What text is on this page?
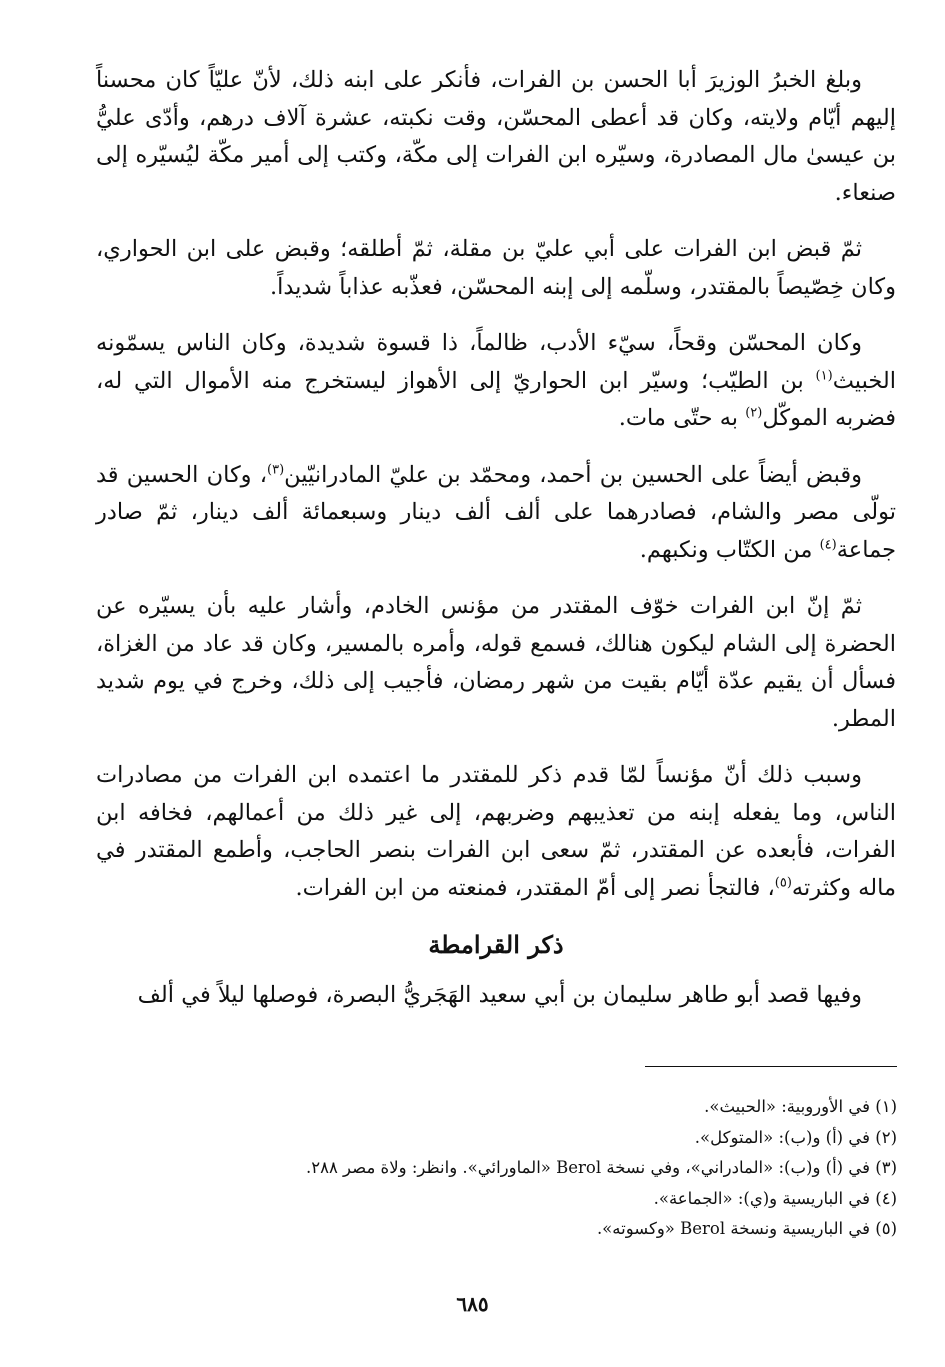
وبلغ الخبرُ الوزيرَ أبا الحسن بن الفرات، فأنكر على ابنه ذلك، لأنّ عليّاً كان محسناً إليهم أيّام ولايته، وكان قد أعطى المحسّن، وقت نكبته، عشرة آلاف درهم، وأدّى عليُّ بن عيسىٰ مال المصادرة، وسيّره ابن الفرات إلى مكّة، وكتب إلى أمير مكّة ليُسيّره إلى صنعاء.

ثمّ قبض ابن الفرات على أبي عليّ بن مقلة، ثمّ أطلقه؛ وقبض على ابن الحواري، وكان خِصّيصاً بالمقتدر، وسلّمه إلى إبنه المحسّن، فعذّبه عذاباً شديداً.

وكان المحسّن وقحاً، سيّء الأدب، ظالماً، ذا قسوة شديدة، وكان الناس يسمّونه الخبيث$^{(١)}$ بن الطيّب؛ وسيّر ابن الحواريّ إلى الأهواز ليستخرج منه الأموال التي له، فضربه الموكّل$^{(٢)}$ به حتّى مات.

وقبض أيضاً على الحسين بن أحمد، ومحمّد بن عليّ المادرانيّين$^{(٣)}$، وكان الحسين قد تولّى مصر والشام، فصادرهما على ألف ألف دينار وسبعمائة ألف دينار، ثمّ صادر جماعة$^{(٤)}$ من الكتّاب ونكبهم.

ثمّ إنّ ابن الفرات خوّف المقتدر من مؤنس الخادم، وأشار عليه بأن يسيّره عن الحضرة إلى الشام ليكون هنالك، فسمع قوله، وأمره بالمسير، وكان قد عاد من الغزاة، فسأل أن يقيم عدّة أيّام بقيت من شهر رمضان، فأجيب إلى ذلك، وخرج في يوم شديد المطر.

وسبب ذلك أنّ مؤنساً لمّا قدم ذكر للمقتدر ما اعتمده ابن الفرات من مصادرات الناس، وما يفعله إبنه من تعذيبهم وضربهم، إلى غير ذلك من أعمالهم، فخافه ابن الفرات، فأبعده عن المقتدر، ثمّ سعى ابن الفرات بنصر الحاجب، وأطمع المقتدر في ماله وكثرته$^{(٥)}$، فالتجأ نصر إلى أمّ المقتدر، فمنعته من ابن الفرات.

ذكر القرامطة

وفيها قصد أبو طاهر سليمان بن أبي سعيد الهَجَريُّ البصرة، فوصلها ليلاً في ألف

(١) في الأوروبية: «الحبيث».
(٢) في (أ) و(ب): «المتوكل».
(٣) في (أ) و(ب): «المادراني»، وفي نسخة Berol «الماورائي». وانظر: ولاة مصر ٢٨٨.
(٤) في الباريسية و(ي): «الجماعة».
(٥) في الباريسية ونسخة Berol «وكسوته».
٦٨٥
